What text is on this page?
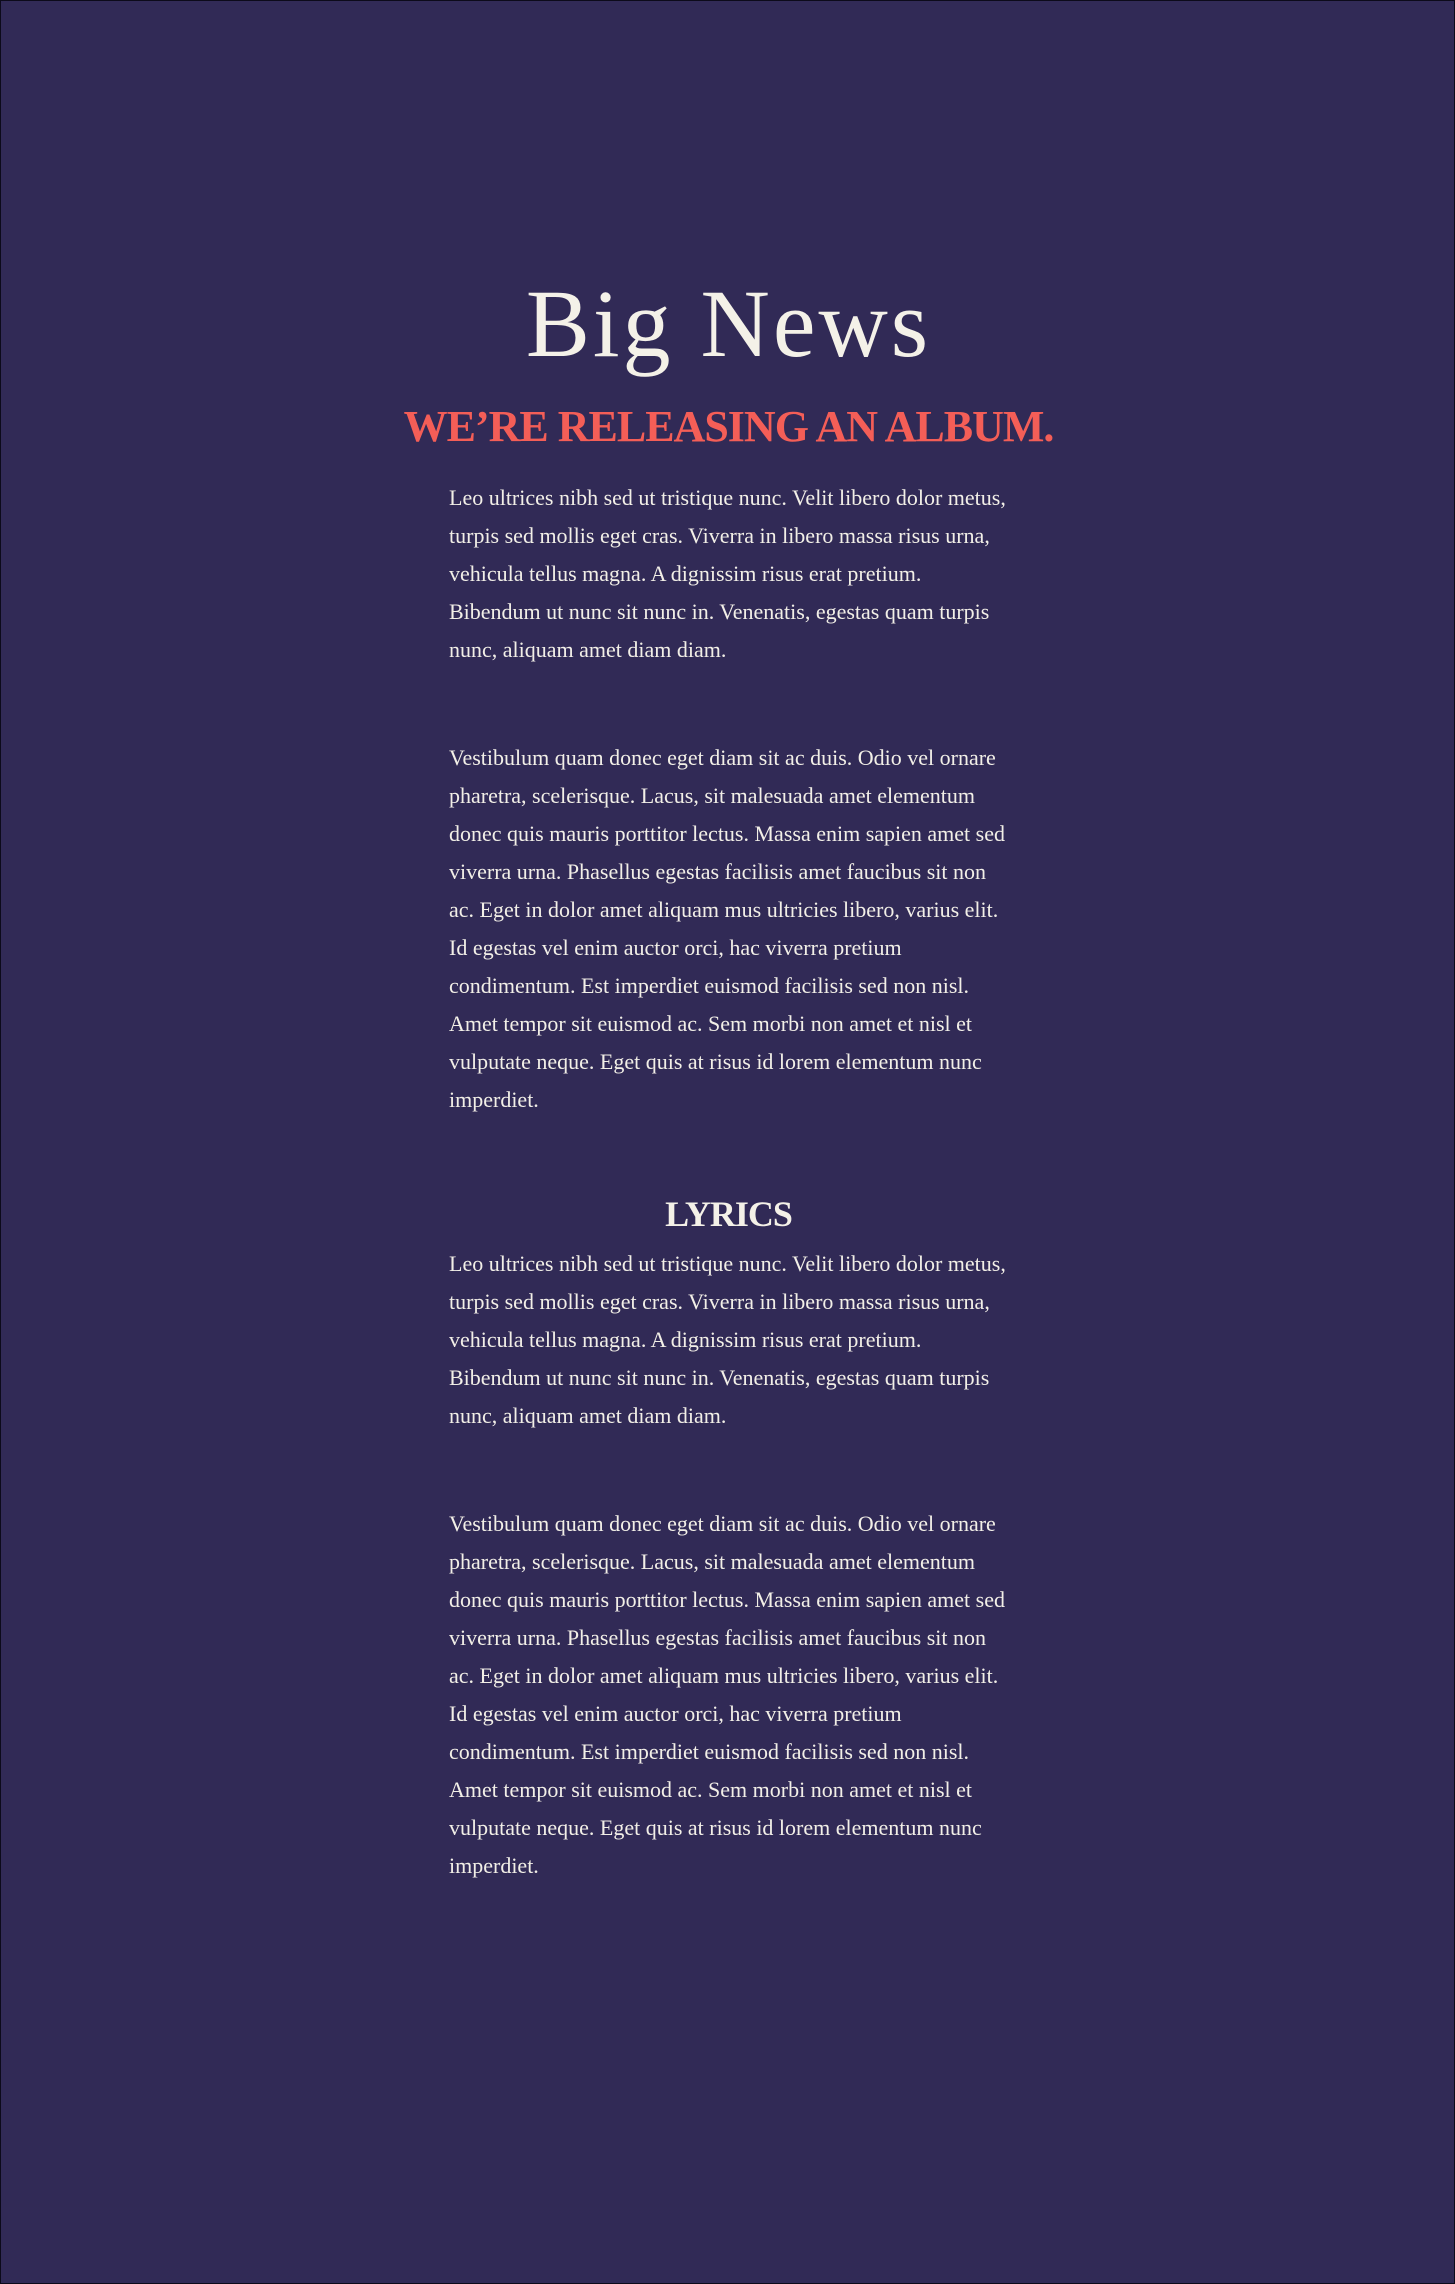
Big News
WE’RE RELEASING AN ALBUM.

Leo ultrices nibh sed ut tristique nunc. Velit libero dolor metus, turpis sed mollis eget cras. Viverra in libero massa risus urna, vehicula tellus magna. A dignissim risus erat pretium. Bibendum ut nunc sit nunc in. Venenatis, egestas quam turpis nunc, aliquam amet diam diam.

Vestibulum quam donec eget diam sit ac duis. Odio vel ornare pharetra, scelerisque. Lacus, sit malesuada amet elementum donec quis mauris porttitor lectus. Massa enim sapien amet sed viverra urna. Phasellus egestas facilisis amet faucibus sit non ac. Eget in dolor amet aliquam mus ultricies libero, varius elit. Id egestas vel enim auctor orci, hac viverra pretium condimentum. Est imperdiet euismod facilisis sed non nisl. Amet tempor sit euismod ac. Sem morbi non amet et nisl et vulputate neque. Eget quis at risus id lorem elementum nunc imperdiet.

LYRICS

Leo ultrices nibh sed ut tristique nunc. Velit libero dolor metus, turpis sed mollis eget cras. Viverra in libero massa risus urna, vehicula tellus magna. A dignissim risus erat pretium. Bibendum ut nunc sit nunc in. Venenatis, egestas quam turpis nunc, aliquam amet diam diam.

Vestibulum quam donec eget diam sit ac duis. Odio vel ornare pharetra, scelerisque. Lacus, sit malesuada amet elementum donec quis mauris porttitor lectus. Massa enim sapien amet sed viverra urna. Phasellus egestas facilisis amet faucibus sit non ac. Eget in dolor amet aliquam mus ultricies libero, varius elit. Id egestas vel enim auctor orci, hac viverra pretium condimentum. Est imperdiet euismod facilisis sed non nisl. Amet tempor sit euismod ac. Sem morbi non amet et nisl et vulputate neque. Eget quis at risus id lorem elementum nunc imperdiet.
